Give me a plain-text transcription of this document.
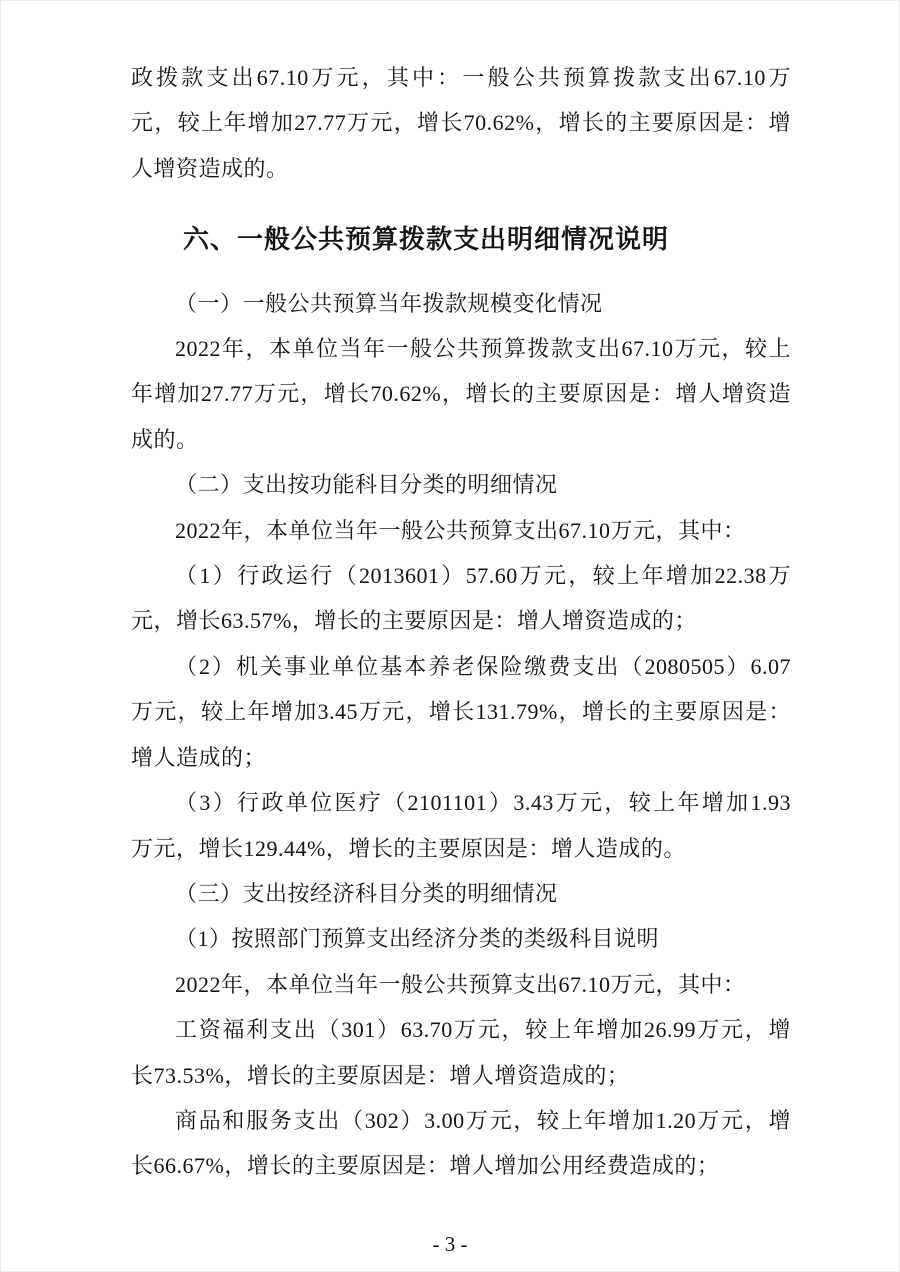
政拨款支出67.10万元，其中：一般公共预算拨款支出67.10万
元，较上年增加27.77万元，增长70.62%，增长的主要原因是：增
人增资造成的。
六、一般公共预算拨款支出明细情况说明
（一）一般公共预算当年拨款规模变化情况
2022年，本单位当年一般公共预算拨款支出67.10万元，较上
年增加27.77万元，增长70.62%，增长的主要原因是：增人增资造
成的。
（二）支出按功能科目分类的明细情况
2022年，本单位当年一般公共预算支出67.10万元，其中：
（1）行政运行（2013601）57.60万元，较上年增加22.38万
元，增长63.57%，增长的主要原因是：增人增资造成的；
（2）机关事业单位基本养老保险缴费支出（2080505）6.07
万元，较上年增加3.45万元，增长131.79%，增长的主要原因是：
增人造成的；
（3）行政单位医疗（2101101）3.43万元，较上年增加1.93
万元，增长129.44%，增长的主要原因是：增人造成的。
（三）支出按经济科目分类的明细情况
（1）按照部门预算支出经济分类的类级科目说明
2022年，本单位当年一般公共预算支出67.10万元，其中：
工资福利支出（301）63.70万元，较上年增加26.99万元，增
长73.53%，增长的主要原因是：增人增资造成的；
商品和服务支出（302）3.00万元，较上年增加1.20万元，增
长66.67%，增长的主要原因是：增人增加公用经费造成的；
- 3 -
